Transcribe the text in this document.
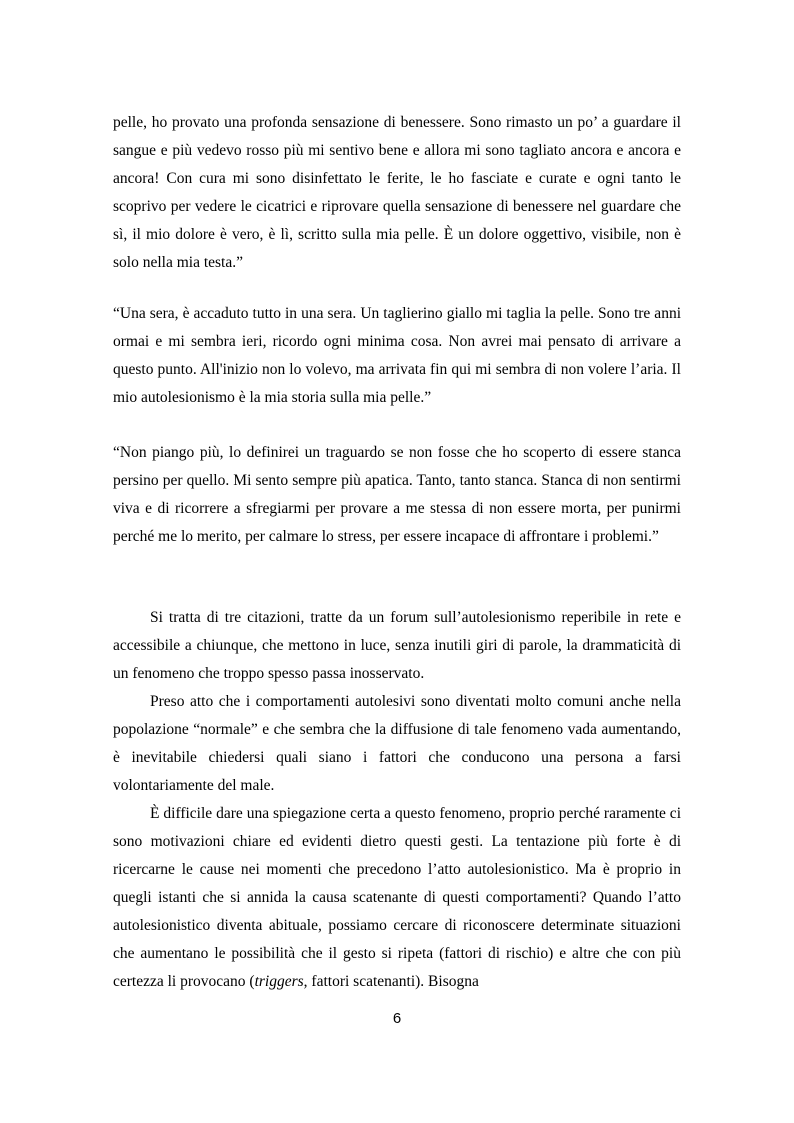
pelle, ho provato una profonda sensazione di benessere. Sono rimasto un po’ a guardare il sangue e più vedevo rosso più mi sentivo bene e allora mi sono tagliato ancora e ancora e ancora! Con cura mi sono disinfettato le ferite, le ho fasciate e curate e ogni tanto le scoprivo per vedere le cicatrici e riprovare quella sensazione di benessere nel guardare che sì, il mio dolore è vero, è lì, scritto sulla mia pelle. È un dolore oggettivo, visibile, non è solo nella mia testa.”

“Una sera, è accaduto tutto in una sera. Un taglierino giallo mi taglia la pelle. Sono tre anni ormai e mi sembra ieri, ricordo ogni minima cosa. Non avrei mai pensato di arrivare a questo punto. All'inizio non lo volevo, ma arrivata fin qui mi sembra di non volere l’aria. Il mio autolesionismo è la mia storia sulla mia pelle.”

“Non piango più, lo definirei un traguardo se non fosse che ho scoperto di essere stanca persino per quello. Mi sento sempre più apatica. Tanto, tanto stanca. Stanca di non sentirmi viva e di ricorrere a sfregiarmi per provare a me stessa di non essere morta, per punirmi perché me lo merito, per calmare lo stress, per essere incapace di affrontare i problemi.”

Si tratta di tre citazioni, tratte da un forum sull’autolesionismo reperibile in rete e accessibile a chiunque, che mettono in luce, senza inutili giri di parole, la drammaticità di un fenomeno che troppo spesso passa inosservato.

Preso atto che i comportamenti autolesivi sono diventati molto comuni anche nella popolazione “normale” e che sembra che la diffusione di tale fenomeno vada aumentando, è inevitabile chiedersi quali siano i fattori che conducono una persona a farsi volontariamente del male.

È difficile dare una spiegazione certa a questo fenomeno, proprio perché raramente ci sono motivazioni chiare ed evidenti dietro questi gesti. La tentazione più forte è di ricercarne le cause nei momenti che precedono l’atto autolesionistico. Ma è proprio in quegli istanti che si annida la causa scatenante di questi comportamenti? Quando l’atto autolesionistico diventa abituale, possiamo cercare di riconoscere determinate situazioni che aumentano le possibilità che il gesto si ripeta (fattori di rischio) e altre che con più certezza li provocano (triggers, fattori scatenanti). Bisogna

6
